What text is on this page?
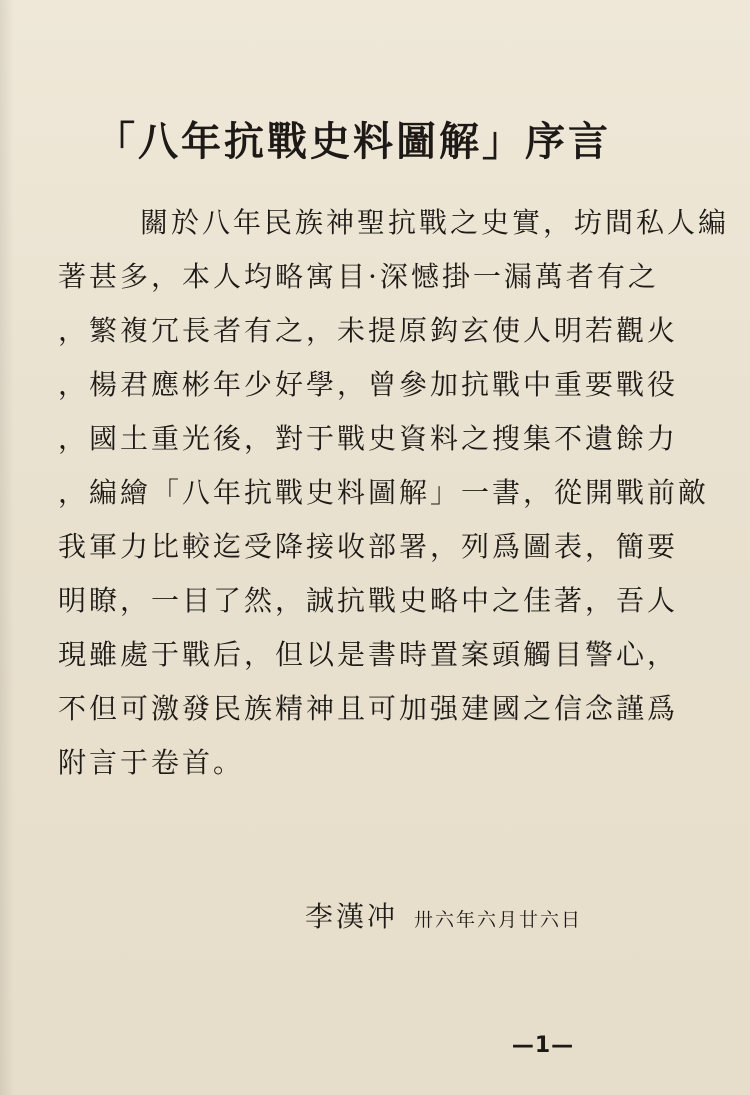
「八年抗戰史料圖解」序言
關於八年民族神聖抗戰之史實，坊間私人編
著甚多，本人均略寓目·深憾掛一漏萬者有之
，繁複冗長者有之，未提原鈎玄使人明若觀火
，楊君應彬年少好學，曾參加抗戰中重要戰役
，國土重光後，對于戰史資料之搜集不遺餘力
，編繪「八年抗戰史料圖解」一書，從開戰前敵
我軍力比較迄受降接收部署，列爲圖表，簡要
明瞭，一目了然，誠抗戰史略中之佳著，吾人
現雖處于戰后，但以是書時置案頭觸目警心，
不但可激發民族精神且可加强建國之信念謹爲
附言于卷首。
李漢冲 卅六年六月廿六日
—1—
